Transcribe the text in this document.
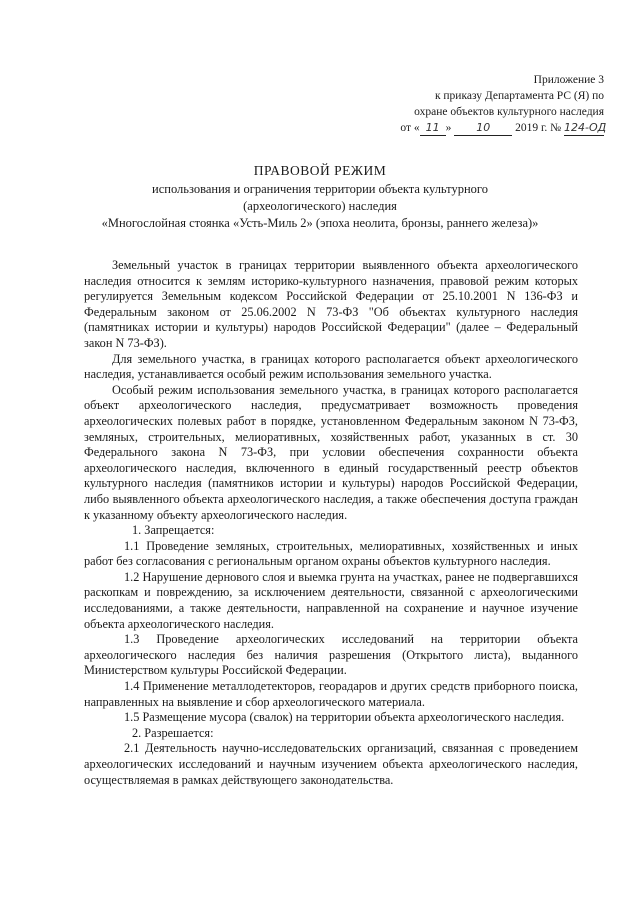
Приложение 3
к приказу Департамента РС (Я) по
охране объектов культурного наследия
от « 11 » 10 2019 г. № 124-ОД
ПРАВОВОЙ РЕЖИМ
использования и ограничения территории объекта культурного
(археологического) наследия
«Многослойная стоянка «Усть-Миль 2» (эпоха неолита, бронзы, раннего железа)»

Земельный участок в границах территории выявленного объекта археологического наследия относится к землям историко-культурного назначения, правовой режим которых регулируется Земельным кодексом Российской Федерации от 25.10.2001 N 136-ФЗ и Федеральным законом от 25.06.2002 N 73-ФЗ "Об объектах культурного наследия (памятниках истории и культуры) народов Российской Федерации" (далее – Федеральный закон N 73-ФЗ).

Для земельного участка, в границах которого располагается объект археологического наследия, устанавливается особый режим использования земельного участка.

Особый режим использования земельного участка, в границах которого располагается объект археологического наследия, предусматривает возможность проведения археологических полевых работ в порядке, установленном Федеральным законом N 73-ФЗ, земляных, строительных, мелиоративных, хозяйственных работ, указанных в ст. 30 Федерального закона N 73-ФЗ, при условии обеспечения сохранности объекта археологического наследия, включенного в единый государственный реестр объектов культурного наследия (памятников истории и культуры) народов Российской Федерации, либо выявленного объекта археологического наследия, а также обеспечения доступа граждан к указанному объекту археологического наследия.

1. Запрещается:

1.1 Проведение земляных, строительных, мелиоративных, хозяйственных и иных работ без согласования с региональным органом охраны объектов культурного наследия.

1.2 Нарушение дернового слоя и выемка грунта на участках, ранее не подвергавшихся раскопкам и повреждению, за исключением деятельности, связанной с археологическими исследованиями, а также деятельности, направленной на сохранение и научное изучение объекта археологического наследия.

1.3 Проведение археологических исследований на территории объекта археологического наследия без наличия разрешения (Открытого листа), выданного Министерством культуры Российской Федерации.

1.4 Применение металлодетекторов, георадаров и других средств приборного поиска, направленных на выявление и сбор археологического материала.

1.5 Размещение мусора (свалок) на территории объекта археологического наследия.

2. Разрешается:

2.1 Деятельность научно-исследовательских организаций, связанная с проведением археологических исследований и научным изучением объекта археологического наследия, осуществляемая в рамках действующего законодательства.
